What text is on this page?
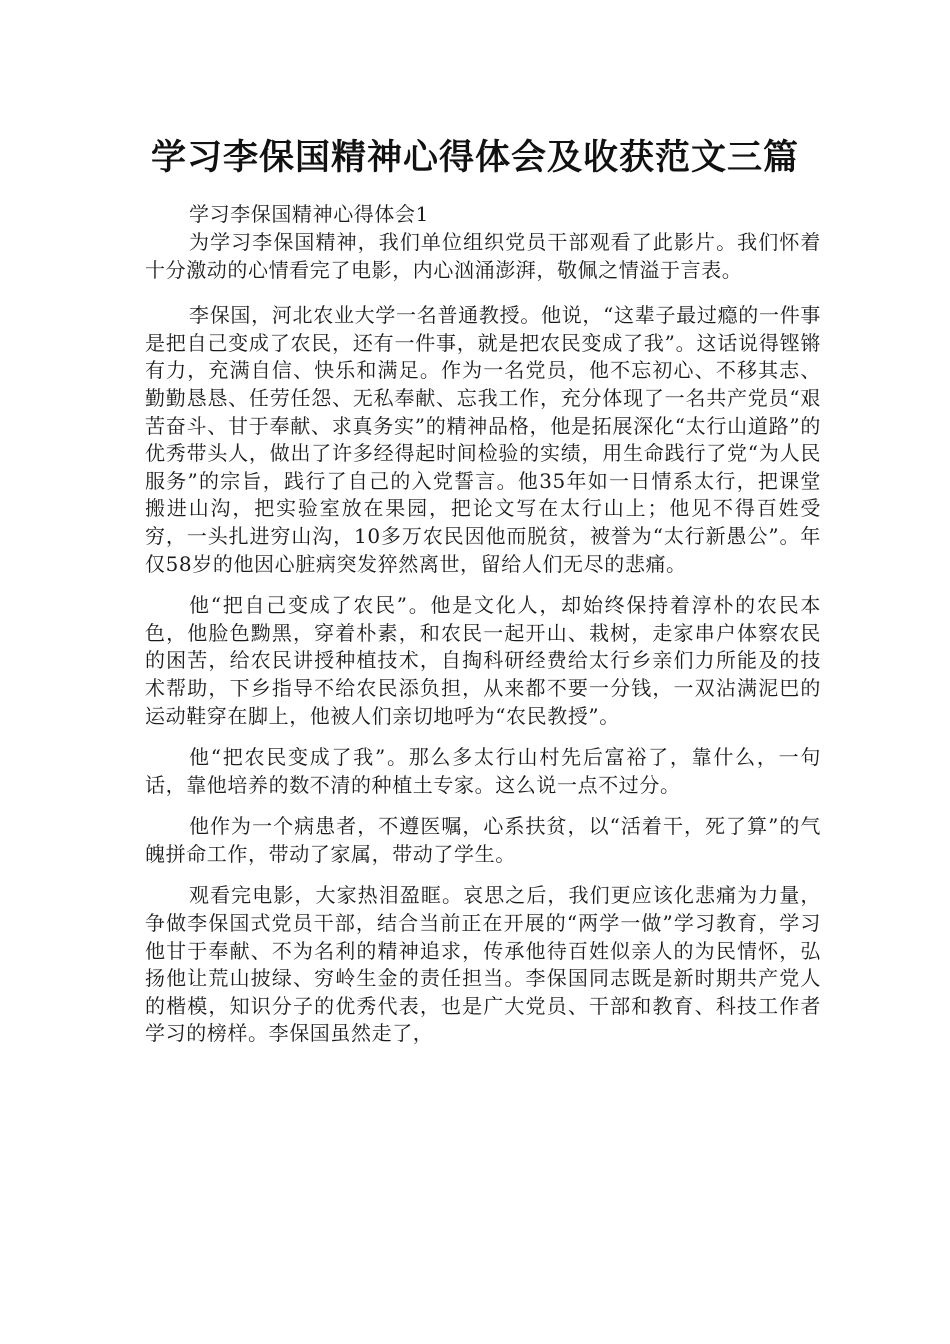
学习李保国精神心得体会及收获范文三篇

学习李保国精神心得体会1

为学习李保国精神，我们单位组织党员干部观看了此影片。我们怀着十分激动的心情看完了电影，内心汹涌澎湃，敬佩之情溢于言表。

李保国，河北农业大学一名普通教授。他说，“这辈子最过瘾的一件事是把自己变成了农民，还有一件事，就是把农民变成了我”。这话说得铿锵有力，充满自信、快乐和满足。作为一名党员，他不忘初心、不移其志、勤勤恳恳、任劳任怨、无私奉献、忘我工作，充分体现了一名共产党员“艰苦奋斗、甘于奉献、求真务实”的精神品格，他是拓展深化“太行山道路”的优秀带头人，做出了许多经得起时间检验的实绩，用生命践行了党“为人民服务”的宗旨，践行了自己的入党誓言。他35年如一日情系太行，把课堂搬进山沟，把实验室放在果园，把论文写在太行山上；他见不得百姓受穷，一头扎进穷山沟，10多万农民因他而脱贫，被誉为“太行新愚公”。年仅58岁的他因心脏病突发猝然离世，留给人们无尽的悲痛。

他“把自己变成了农民”。他是文化人，却始终保持着淳朴的农民本色，他脸色黝黑，穿着朴素，和农民一起开山、栽树，走家串户体察农民的困苦，给农民讲授种植技术，自掏科研经费给太行乡亲们力所能及的技术帮助，下乡指导不给农民添负担，从来都不要一分钱，一双沾满泥巴的运动鞋穿在脚上，他被人们亲切地呼为“农民教授”。

他“把农民变成了我”。那么多太行山村先后富裕了，靠什么，一句话，靠他培养的数不清的种植土专家。这么说一点不过分。

他作为一个病患者，不遵医嘱，心系扶贫，以“活着干，死了算”的气魄拼命工作，带动了家属，带动了学生。

观看完电影，大家热泪盈眶。哀思之后，我们更应该化悲痛为力量，争做李保国式党员干部，结合当前正在开展的“两学一做”学习教育，学习他甘于奉献、不为名利的精神追求，传承他待百姓似亲人的为民情怀，弘扬他让荒山披绿、穷岭生金的责任担当。李保国同志既是新时期共产党人的楷模，知识分子的优秀代表，也是广大党员、干部和教育、科技工作者学习的榜样。李保国虽然走了，
